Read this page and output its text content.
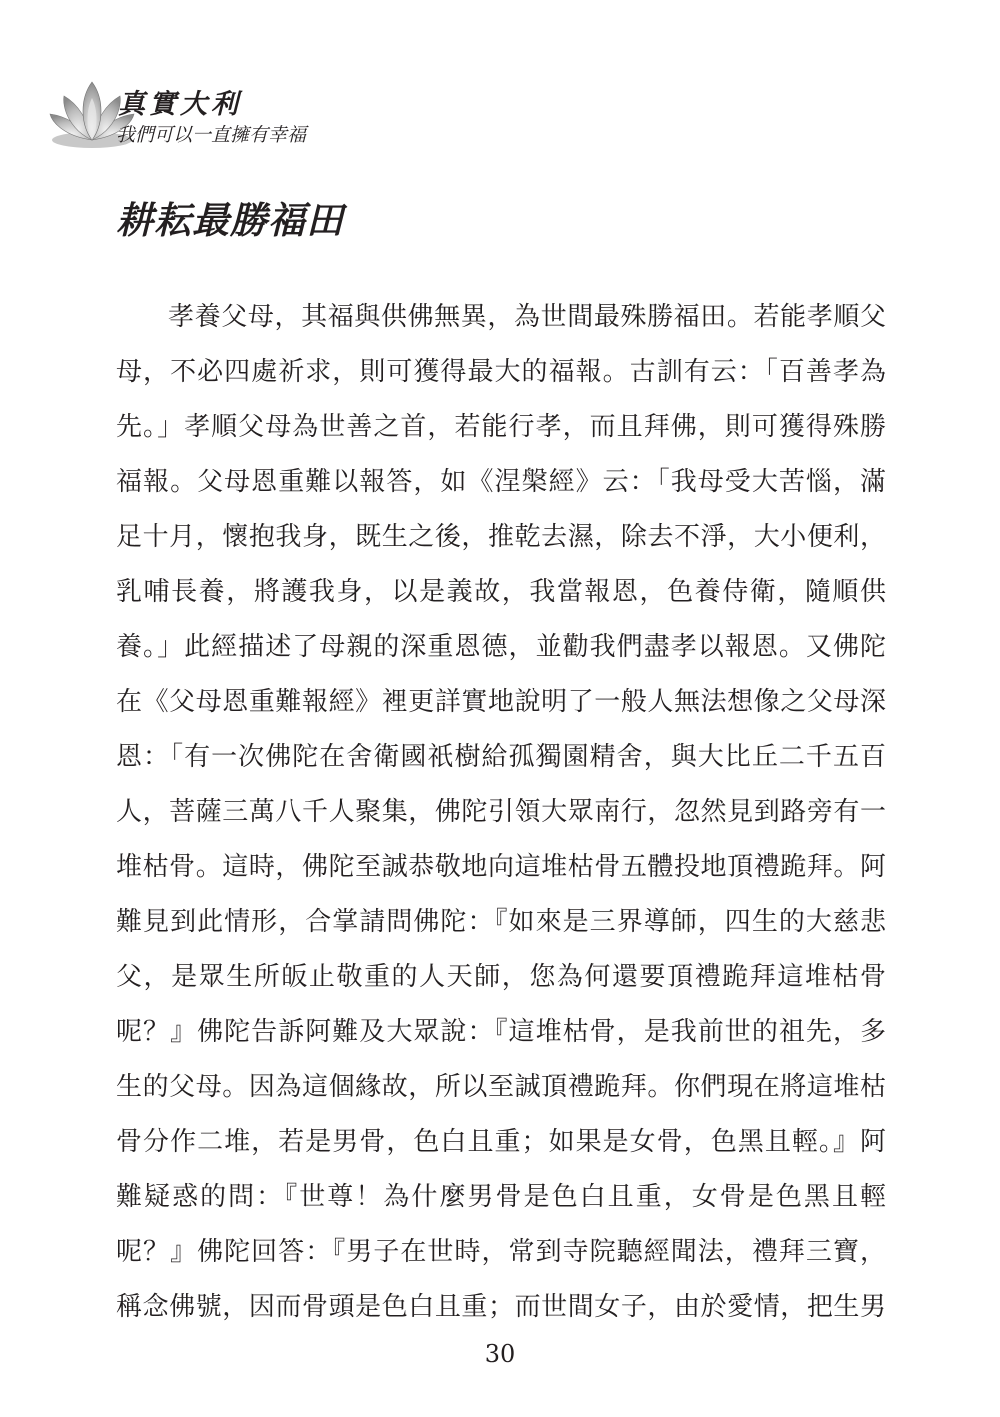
真實大利
我們可以一直擁有幸福
耕耘最勝福田
孝養父母，其福與供佛無異，為世間最殊勝福田。若能孝順父
母，不必四處祈求，則可獲得最大的福報。古訓有云：「百善孝為
先。」孝順父母為世善之首，若能行孝，而且拜佛，則可獲得殊勝
福報。父母恩重難以報答，如《涅槃經》云：「我母受大苦惱，滿
足十月，懷抱我身，既生之後，推乾去濕，除去不淨，大小便利，
乳哺長養，將護我身，以是義故，我當報恩，色養侍衛，隨順供
養。」此經描述了母親的深重恩德，並勸我們盡孝以報恩。又佛陀
在《父母恩重難報經》裡更詳實地說明了一般人無法想像之父母深
恩：「有一次佛陀在舍衛國祇樹給孤獨園精舍，與大比丘二千五百
人，菩薩三萬八千人聚集，佛陀引領大眾南行，忽然見到路旁有一
堆枯骨。這時，佛陀至誠恭敬地向這堆枯骨五體投地頂禮跪拜。阿
難見到此情形，合掌請問佛陀：『如來是三界導師，四生的大慈悲
父，是眾生所皈止敬重的人天師，您為何還要頂禮跪拜這堆枯骨
呢？』佛陀告訴阿難及大眾說：『這堆枯骨，是我前世的祖先，多
生的父母。因為這個緣故，所以至誠頂禮跪拜。你們現在將這堆枯
骨分作二堆，若是男骨，色白且重；如果是女骨，色黑且輕。』阿
難疑惑的問：『世尊！為什麼男骨是色白且重，女骨是色黑且輕
呢？』佛陀回答：『男子在世時，常到寺院聽經聞法，禮拜三寶，
稱念佛號，因而骨頭是色白且重；而世間女子，由於愛情，把生男
30
